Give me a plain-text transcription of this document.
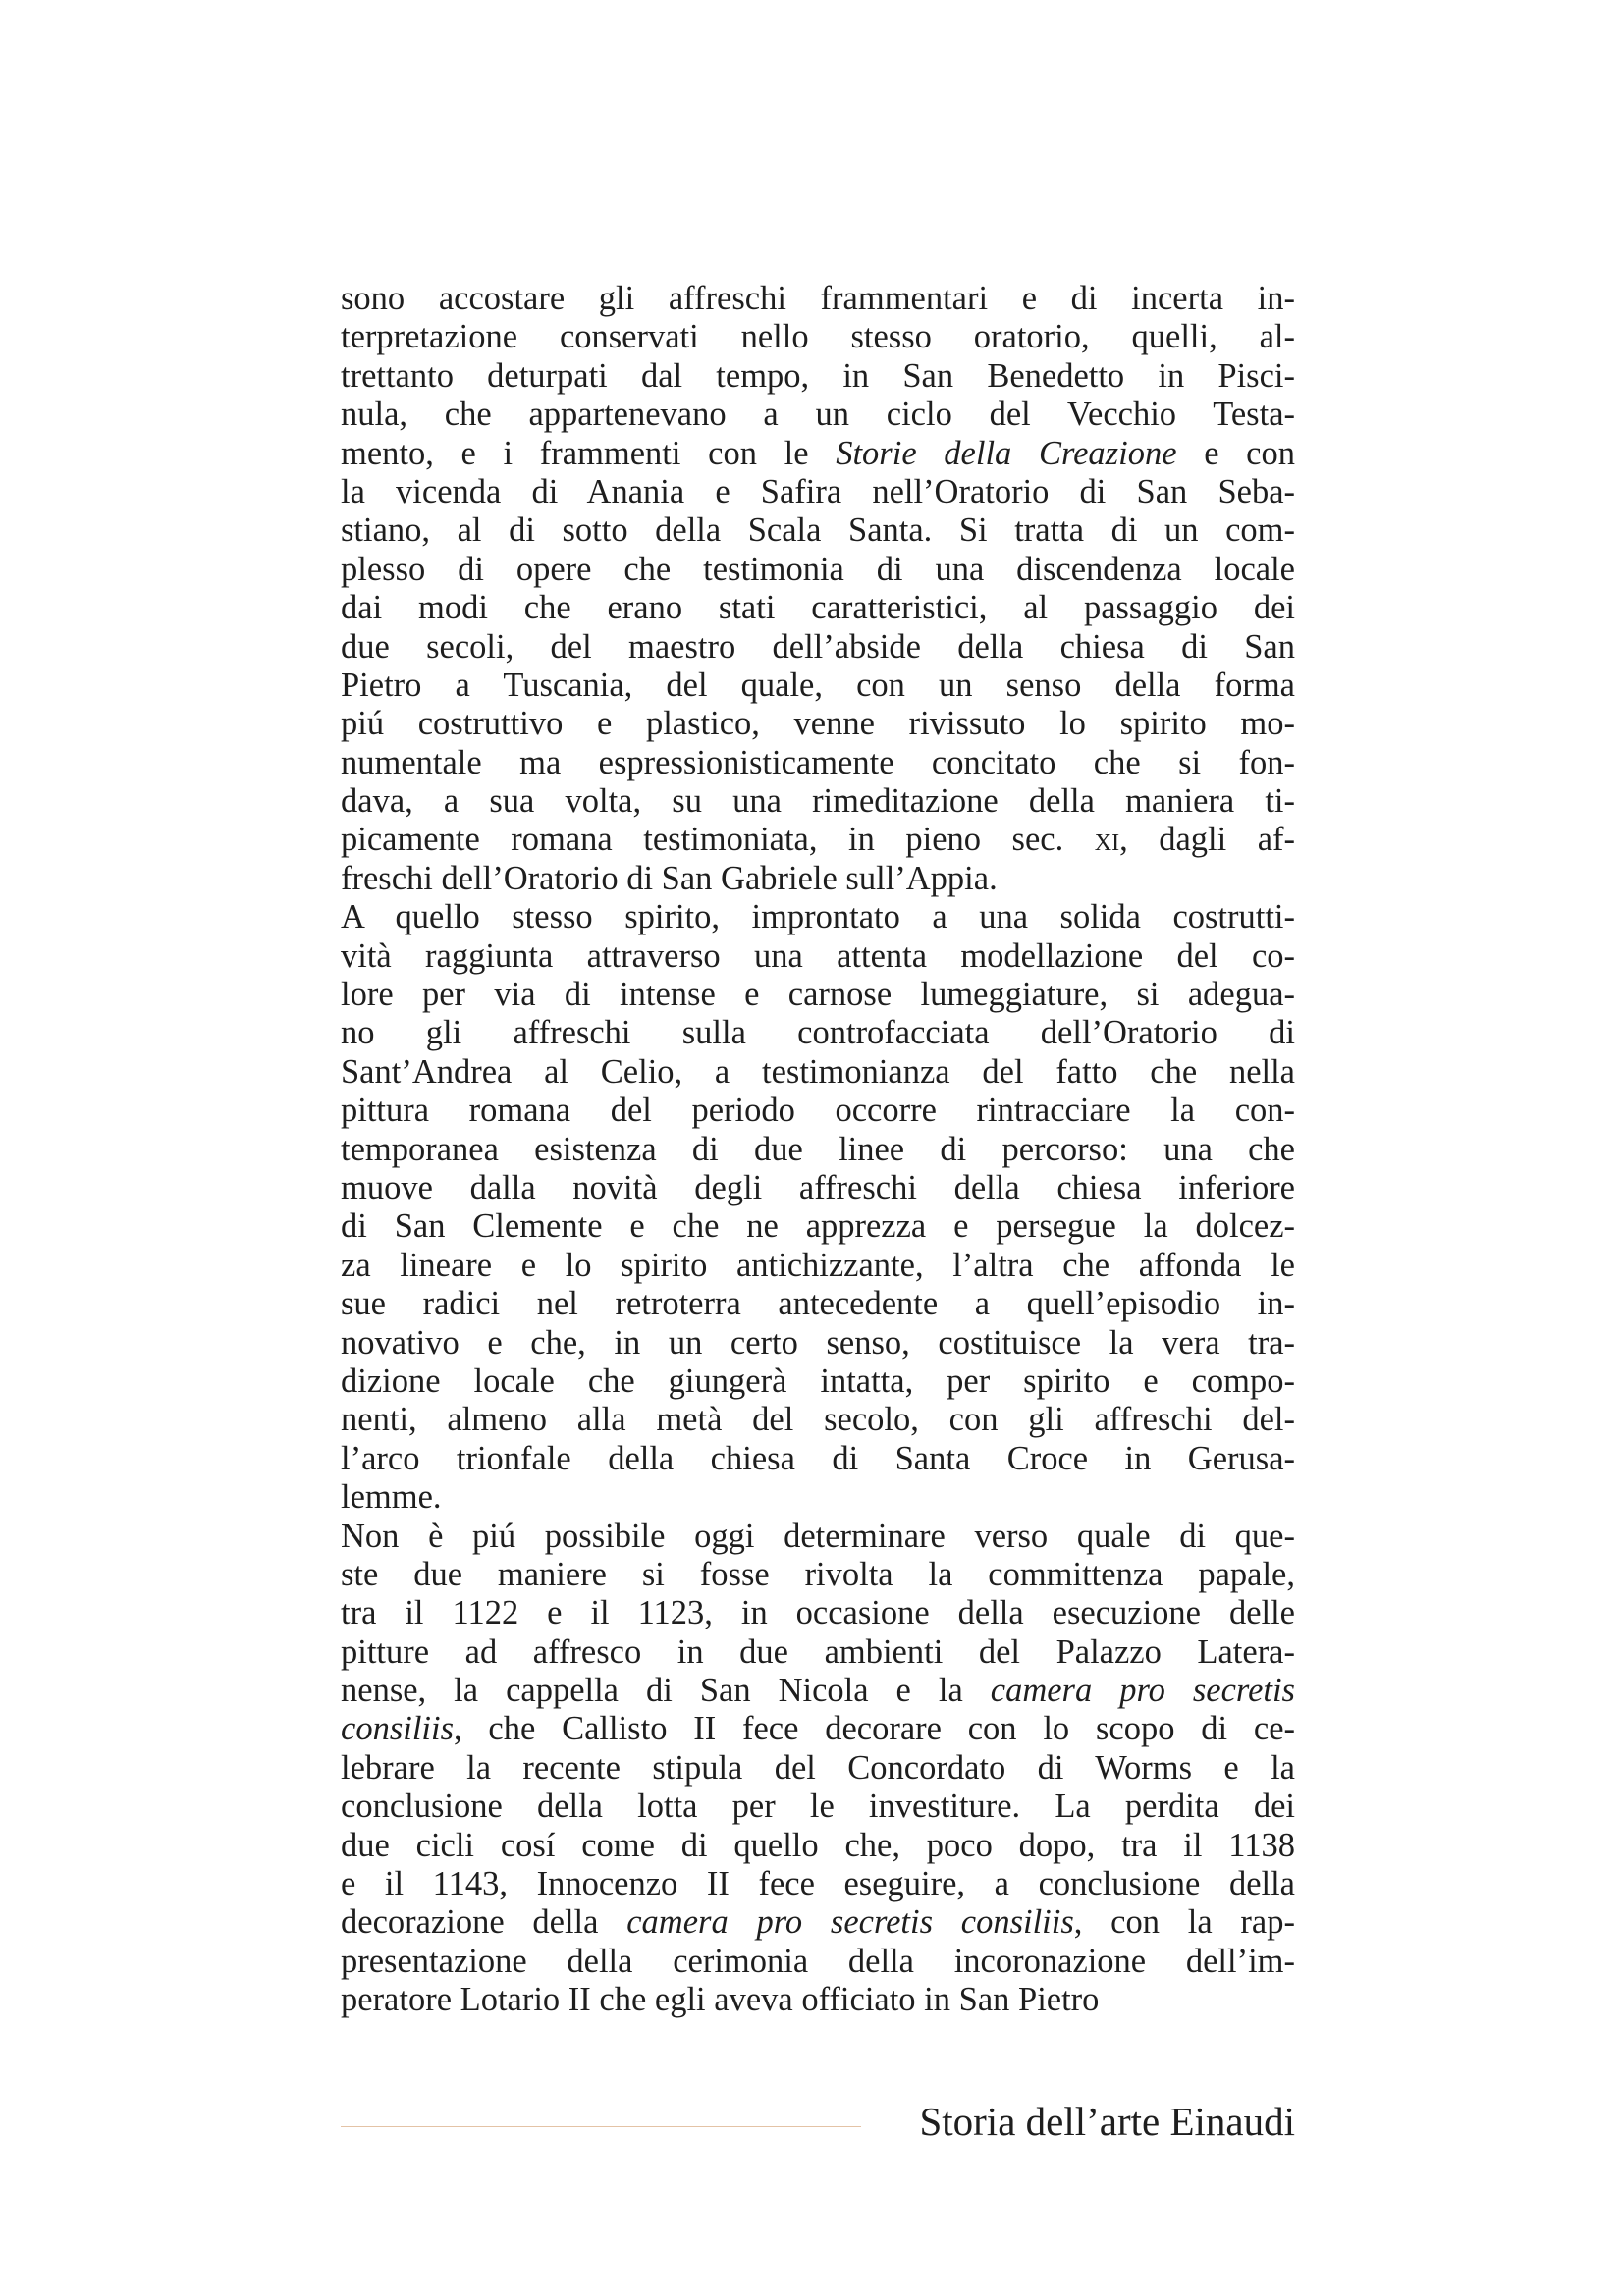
sono accostare gli affreschi frammentari e di incerta in-
terpretazione conservati nello stesso oratorio, quelli, al-
trettanto deturpati dal tempo, in San Benedetto in Pisci-
nula, che appartenevano a un ciclo del Vecchio Testa-
mento, e i frammenti con le Storie della Creazione e con
la vicenda di Anania e Safira nell’Oratorio di San Seba-
stiano, al di sotto della Scala Santa. Si tratta di un com-
plesso di opere che testimonia di una discendenza locale
dai modi che erano stati caratteristici, al passaggio dei
due secoli, del maestro dell’abside della chiesa di San
Pietro a Tuscania, del quale, con un senso della forma
piú costruttivo e plastico, venne rivissuto lo spirito mo-
numentale ma espressionisticamente concitato che si fon-
dava, a sua volta, su una rimeditazione della maniera ti-
picamente romana testimoniata, in pieno sec. xi, dagli af-
freschi dell’Oratorio di San Gabriele sull’Appia.
A quello stesso spirito, improntato a una solida costrutti-
vità raggiunta attraverso una attenta modellazione del co-
lore per via di intense e carnose lumeggiature, si adegua-
no gli affreschi sulla controfacciata dell’Oratorio di
Sant’Andrea al Celio, a testimonianza del fatto che nella
pittura romana del periodo occorre rintracciare la con-
temporanea esistenza di due linee di percorso: una che
muove dalla novità degli affreschi della chiesa inferiore
di San Clemente e che ne apprezza e persegue la dolcez-
za lineare e lo spirito antichizzante, l’altra che affonda le
sue radici nel retroterra antecedente a quell’episodio in-
novativo e che, in un certo senso, costituisce la vera tra-
dizione locale che giungerà intatta, per spirito e compo-
nenti, almeno alla metà del secolo, con gli affreschi del-
l’arco trionfale della chiesa di Santa Croce in Gerusa-
lemme.
Non è piú possibile oggi determinare verso quale di que-
ste due maniere si fosse rivolta la committenza papale,
tra il 1122 e il 1123, in occasione della esecuzione delle
pitture ad affresco in due ambienti del Palazzo Latera-
nense, la cappella di San Nicola e la camera pro secretis
consiliis, che Callisto II fece decorare con lo scopo di ce-
lebrare la recente stipula del Concordato di Worms e la
conclusione della lotta per le investiture. La perdita dei
due cicli cosí come di quello che, poco dopo, tra il 1138
e il 1143, Innocenzo II fece eseguire, a conclusione della
decorazione della camera pro secretis consiliis, con la rap-
presentazione della cerimonia della incoronazione dell’im-
peratore Lotario II che egli aveva officiato in San Pietro
Storia dell’arte Einaudi
